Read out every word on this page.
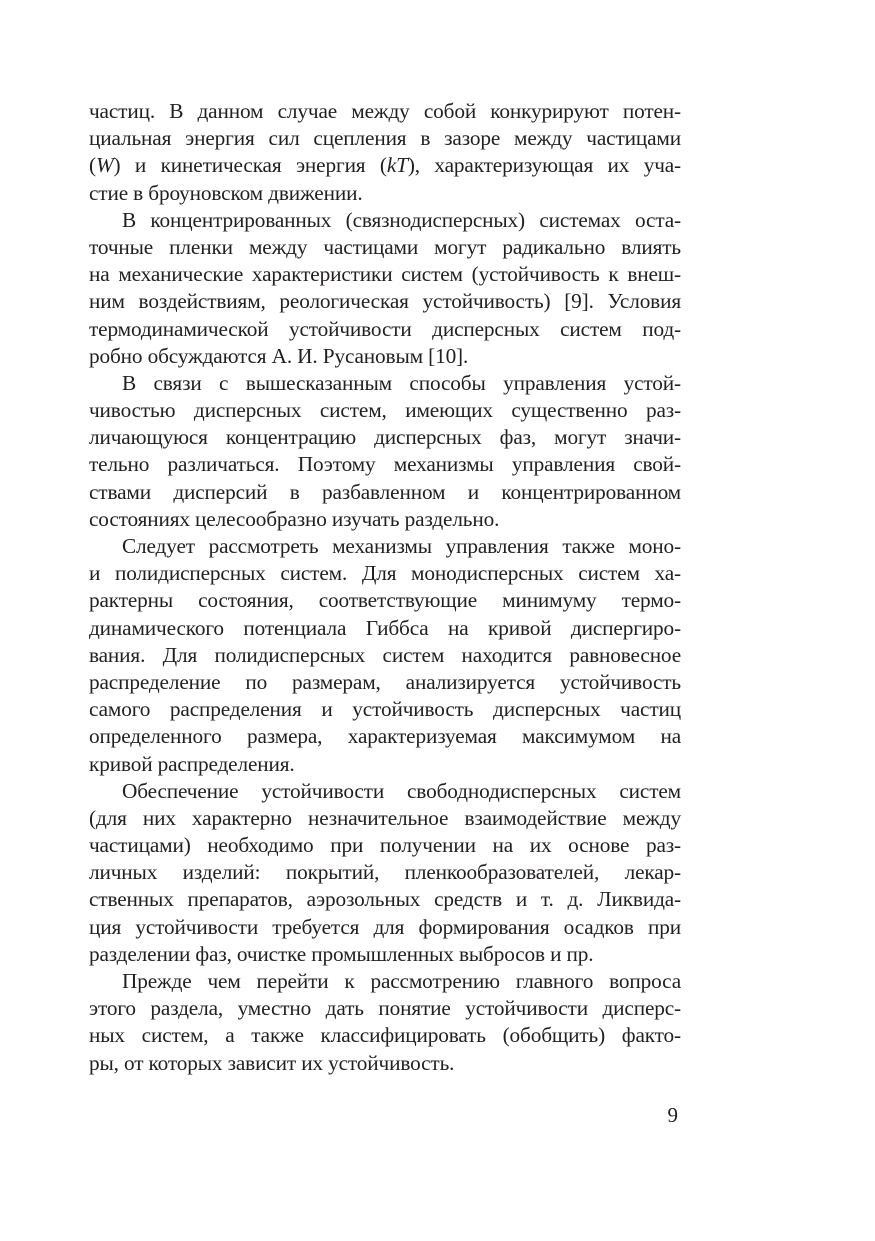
частиц. В данном случае между собой конкурируют потен-
циальная энергия сил сцепления в зазоре между частицами
(W) и кинетическая энергия (kT), характеризующая их уча-
стие в броуновском движении.
В концентрированных (связнодисперсных) системах оста-
точные пленки между частицами могут радикально влиять
на механические характеристики систем (устойчивость к внеш-
ним воздействиям, реологическая устойчивость) [9]. Условия
термодинамической устойчивости дисперсных систем под-
робно обсуждаются А. И. Русановым [10].
В связи с вышесказанным способы управления устой-
чивостью дисперсных систем, имеющих существенно раз-
личающуюся концентрацию дисперсных фаз, могут значи-
тельно различаться. Поэтому механизмы управления свой-
ствами дисперсий в разбавленном и концентрированном
состояниях целесообразно изучать раздельно.
Следует рассмотреть механизмы управления также моно-
и полидисперсных систем. Для монодисперсных систем ха-
рактерны состояния, соответствующие минимуму термо-
динамического потенциала Гиббса на кривой диспергиро-
вания. Для полидисперсных систем находится равновесное
распределение по размерам, анализируется устойчивость
самого распределения и устойчивость дисперсных частиц
определенного размера, характеризуемая максимумом на
кривой распределения.
Обеспечение устойчивости свободнодисперсных систем
(для них характерно незначительное взаимодействие между
частицами) необходимо при получении на их основе раз-
личных изделий: покрытий, пленкообразователей, лекар-
ственных препаратов, аэрозольных средств и т. д. Ликвида-
ция устойчивости требуется для формирования осадков при
разделении фаз, очистке промышленных выбросов и пр.
Прежде чем перейти к рассмотрению главного вопроса
этого раздела, уместно дать понятие устойчивости дисперс-
ных систем, а также классифицировать (обобщить) факто-
ры, от которых зависит их устойчивость.
9
